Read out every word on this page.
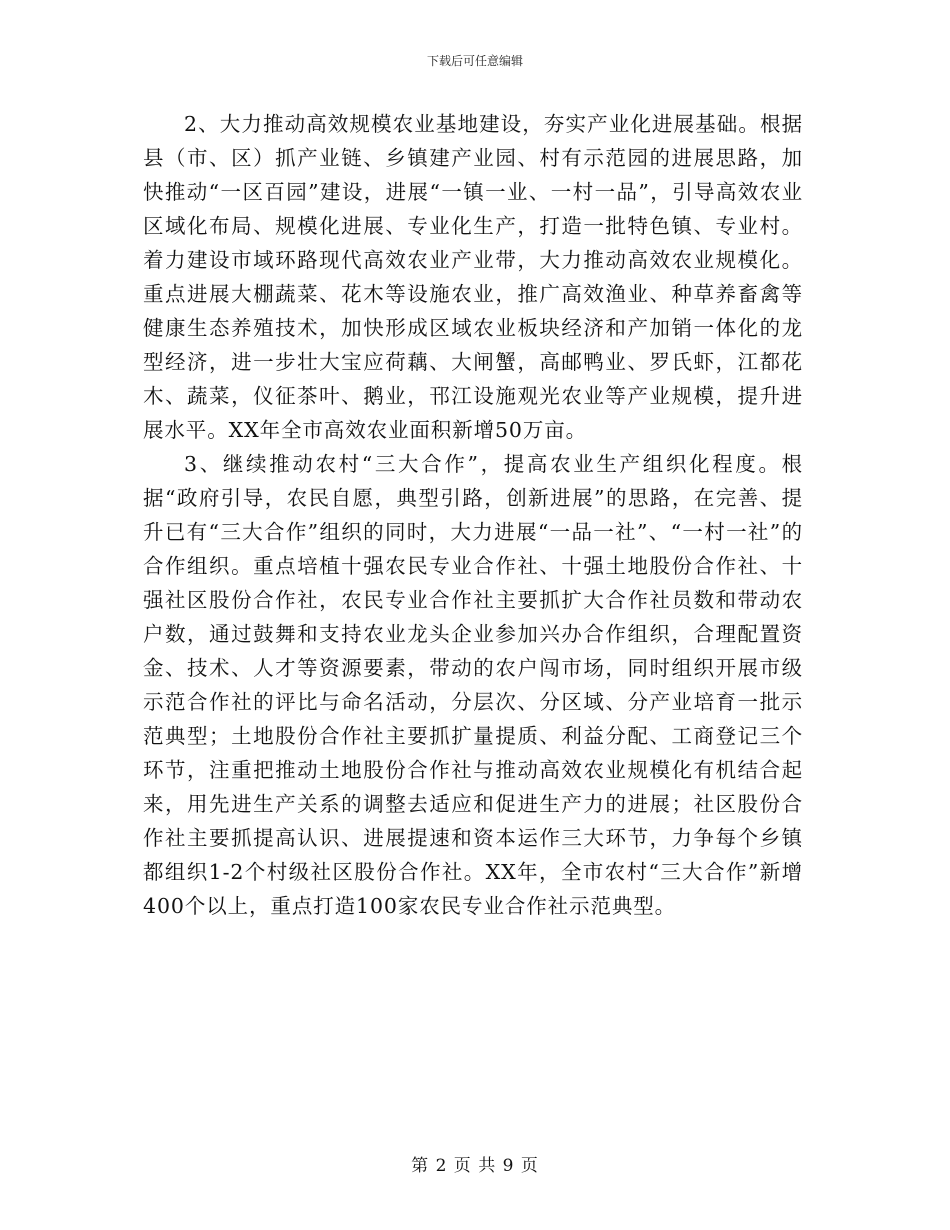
下载后可任意编辑

2、大力推动高效规模农业基地建设，夯实产业化进展基础。根据县（市、区）抓产业链、乡镇建产业园、村有示范园的进展思路，加快推动“一区百园”建设，进展“一镇一业、一村一品”，引导高效农业区域化布局、规模化进展、专业化生产，打造一批特色镇、专业村。着力建设市域环路现代高效农业产业带，大力推动高效农业规模化。重点进展大棚蔬菜、花木等设施农业，推广高效渔业、种草养畜禽等健康生态养殖技术，加快形成区域农业板块经济和产加销一体化的龙型经济，进一步壮大宝应荷藕、大闸蟹，高邮鸭业、罗氏虾，江都花木、蔬菜，仪征茶叶、鹅业，邗江设施观光农业等产业规模，提升进展水平。XX年全市高效农业面积新增50万亩。

3、继续推动农村“三大合作”，提高农业生产组织化程度。根据“政府引导，农民自愿，典型引路，创新进展”的思路，在完善、提升已有“三大合作”组织的同时，大力进展“一品一社”、“一村一社”的合作组织。重点培植十强农民专业合作社、十强土地股份合作社、十强社区股份合作社，农民专业合作社主要抓扩大合作社员数和带动农户数，通过鼓舞和支持农业龙头企业参加兴办合作组织，合理配置资金、技术、人才等资源要素，带动的农户闯市场，同时组织开展市级示范合作社的评比与命名活动，分层次、分区域、分产业培育一批示范典型；土地股份合作社主要抓扩量提质、利益分配、工商登记三个环节，注重把推动土地股份合作社与推动高效农业规模化有机结合起来，用先进生产关系的调整去适应和促进生产力的进展；社区股份合作社主要抓提高认识、进展提速和资本运作三大环节，力争每个乡镇都组织1-2个村级社区股份合作社。XX年，全市农村“三大合作”新增400个以上，重点打造100家农民专业合作社示范典型。

第 2 页 共 9 页
